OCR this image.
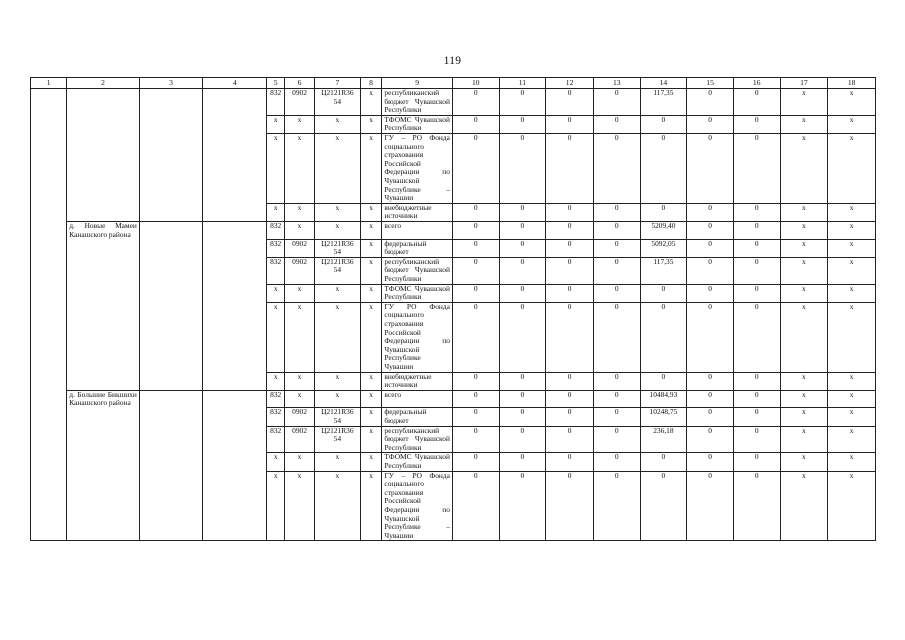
119
1	2	3	4	5	6	7	8	9	10	11	12	13	14	15	16	17	18
				832	0902	Ц2121R36 54	x	республиканский бюджет Чувашской Республики	0	0	0	0	117,35	0	0	x	x
				x	x	x	x	ТФОМС Чувашской Республики	0	0	0	0	0	0	0	x	x
				x	x	x	x	ГУ – РО Фонда социального страхования Российской Федерации по Чувашской Республике – Чувашии	0	0	0	0	0	0	0	x	x
				x	x	x	x	внебюджетные источники	0	0	0	0	0	0	0	x	x
	д. Новые Мамеи Канашского района			832	x	x	x	всего	0	0	0	0	5209,40	0	0	x	x
				832	0902	Ц2121R36 54	x	федеральный бюджет	0	0	0	0	5092,05	0	0	x	x
				832	0902	Ц2121R36 54	x	республиканский бюджет Чувашской Республики	0	0	0	0	117,35	0	0	x	x
				x	x	x	x	ТФОМС Чувашской Республики	0	0	0	0	0	0	0	x	x
				x	x	x	x	ГУ РО Фонда социального страхования Российской Федерации по Чувашской Республике Чувашии	0	0	0	0	0	0	0	x	x
				x	x	x	x	внебюджетные источники	0	0	0	0	0	0	0	x	x
	д. Большие Бикшихи Канашского района			832	x	x	x	всего	0	0	0	0	10484,93	0	0	x	x
				832	0902	Ц2121R36 54	x	федеральный бюджет	0	0	0	0	10248,75	0	0	x	x
				832	0902	Ц2121R36 54	x	республиканский бюджет Чувашской Республики	0	0	0	0	236,18	0	0	x	x
				x	x	x	x	ТФОМС Чувашской Республики	0	0	0	0	0	0	0	x	x
				x	x	x	x	ГУ – РО Фонда социального страхования Российской Федерации по Чувашской Республике – Чувашии	0	0	0	0	0	0	0	x	x
